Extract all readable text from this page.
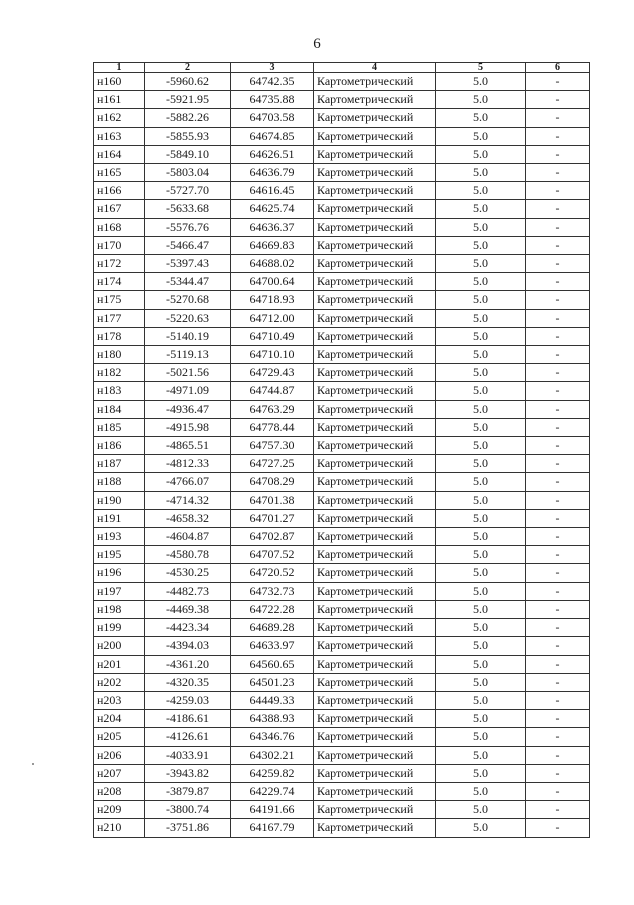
6
1	2	3	4	5	6
н160	-5960.62	64742.35	Картометрический	5.0	-
н161	-5921.95	64735.88	Картометрический	5.0	-
н162	-5882.26	64703.58	Картометрический	5.0	-
н163	-5855.93	64674.85	Картометрический	5.0	-
н164	-5849.10	64626.51	Картометрический	5.0	-
н165	-5803.04	64636.79	Картометрический	5.0	-
н166	-5727.70	64616.45	Картометрический	5.0	-
н167	-5633.68	64625.74	Картометрический	5.0	-
н168	-5576.76	64636.37	Картометрический	5.0	-
н170	-5466.47	64669.83	Картометрический	5.0	-
н172	-5397.43	64688.02	Картометрический	5.0	-
н174	-5344.47	64700.64	Картометрический	5.0	-
н175	-5270.68	64718.93	Картометрический	5.0	-
н177	-5220.63	64712.00	Картометрический	5.0	-
н178	-5140.19	64710.49	Картометрический	5.0	-
н180	-5119.13	64710.10	Картометрический	5.0	-
н182	-5021.56	64729.43	Картометрический	5.0	-
н183	-4971.09	64744.87	Картометрический	5.0	-
н184	-4936.47	64763.29	Картометрический	5.0	-
н185	-4915.98	64778.44	Картометрический	5.0	-
н186	-4865.51	64757.30	Картометрический	5.0	-
н187	-4812.33	64727.25	Картометрический	5.0	-
н188	-4766.07	64708.29	Картометрический	5.0	-
н190	-4714.32	64701.38	Картометрический	5.0	-
н191	-4658.32	64701.27	Картометрический	5.0	-
н193	-4604.87	64702.87	Картометрический	5.0	-
н195	-4580.78	64707.52	Картометрический	5.0	-
н196	-4530.25	64720.52	Картометрический	5.0	-
н197	-4482.73	64732.73	Картометрический	5.0	-
н198	-4469.38	64722.28	Картометрический	5.0	-
н199	-4423.34	64689.28	Картометрический	5.0	-
н200	-4394.03	64633.97	Картометрический	5.0	-
н201	-4361.20	64560.65	Картометрический	5.0	-
н202	-4320.35	64501.23	Картометрический	5.0	-
н203	-4259.03	64449.33	Картометрический	5.0	-
н204	-4186.61	64388.93	Картометрический	5.0	-
н205	-4126.61	64346.76	Картометрический	5.0	-
н206	-4033.91	64302.21	Картометрический	5.0	-
н207	-3943.82	64259.82	Картометрический	5.0	-
н208	-3879.87	64229.74	Картометрический	5.0	-
н209	-3800.74	64191.66	Картометрический	5.0	-
н210	-3751.86	64167.79	Картометрический	5.0	-
